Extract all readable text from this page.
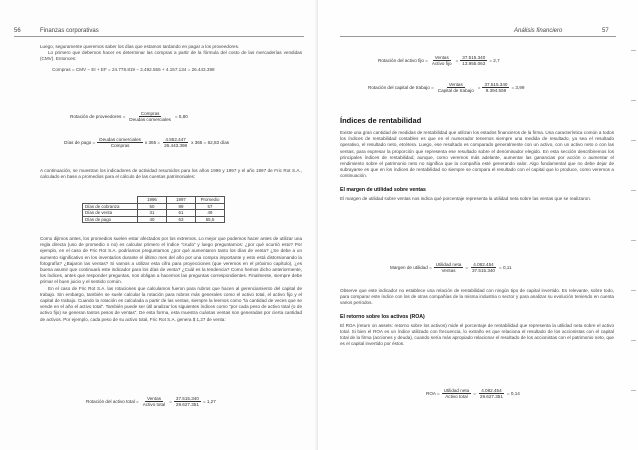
56	Finanzas corporativas

Luego, seguramente queremos saber los días que estamos tardando en pagar a los proveedores.

Lo primero que debemos hacer es determinar las compras a partir de la fórmula del costo de las mercaderías vendidas (CMV). Entonces:

Compras = CMV − EI + EF = 24.778.819 − 2.492.555 + 4.157.134 = 26.443.398
Rotación de proveedores = $\frac{\text{Compras}}{\text{Deudas comerciales}} = 5,80$
Días de pago = $\frac{\text{Deudas comerciales}}{\text{Compras}}$ x $365 = \frac{4.552.447}{26.443.398}$ x 365 = 62,83 días

A continuación, se muestran los indicadores de actividad resumidos para los años 1996 y 1997 y el año 1997 de Fric Rot S.A., calculado en base a promedios para el cálculo de las cuentas patrimoniales:

	1996	1997	Promedio
Días de cobranza	50	89	57
Días de venta	31	61	49
Días de pago	40	63	55,5

Como dijimos antes, los promedios suelen estar afectados por los extremos. Lo mejor que podemos hacer antes de utilizar una regla directa (uso de promedio o no) es calcular primero el índice “crudo” y luego preguntarnos: ¿por qué ocurrió esto? Por ejemplo, en el caso de Fric Rot S.A. podríamos preguntarnos ¿por qué aumentaron tanto los días de venta? ¿Se debe a un aumento significativo en los inventarios durante el último mes del año por una compra importante y esto está distorsionando la fotografía? ¿Bajaron las ventas? Si vamos a utilizar esta cifra para proyecciones (que veremos en el próximo capítulo), ¿es buena asumir que continuará este indicador para los días de venta? ¿Cuál es la tendencia? Como hemos dicho anteriormente, los índices, antes que responder preguntas, nos obligan a hacernos las preguntas correspondientes. Finalmente, siempre debe primar el buen juicio y el sentido común.

En el caso de Fric Rot S.A. las rotaciones que calculamos fueron para rubros que hacen al gerenciamiento del capital de trabajo. Sin embargo, también se suele calcular la rotación para rubros más generales como el activo total, el activo fijo y el capital de trabajo. Cuando la rotación es calculada a partir de las ventas, siempre la leemos como “la cantidad de veces que se vende en el año el activo total”. También puede ser útil analizar los siguientes índices como “por cada peso de activo total (o de activo fijo) se generan tantos pesos de ventas”. De esta forma, esta muestra cuántas ventas son generadas por cierta cantidad de activos. Por ejemplo, cada peso de su activo total, Fric Rot S.A. genera $ 1,27 de venta:

Rotación del activo total = $\frac{\text{Ventas}}{\text{Activo total}} = \frac{37.515.340}{29.627.351} = 1,27$
Análisis financiero	57
Rotación del activo fijo = $\frac{\text{Ventas}}{\text{Activo fijo}} = \frac{37.515.340}{13.955.063} = 2,7$
Rotación del capital de trabajo = $\frac{\text{Ventas}}{\text{Capital de trabajo}} = \frac{37.515.340}{9.394.559} = 3,99$
Índices de rentabilidad

Existe una gran cantidad de medidas de rentabilidad que utilizan los estados financieros de la firma. Una característica común a todos los índices de rentabilidad contables es que en el numerador tenemos siempre una medida de resultado, ya sea el resultado operativo, el resultado neto, etcétera. Luego, ese resultado es comparado generalmente con un activo, con un activo neto o con las ventas, para expresar la proporción que representa ese resultado sobre el denominador elegido. En esta sección describiremos los principales índices de rentabilidad, aunque, como veremos más adelante, aumentar las ganancias por acción o aumentar el rendimiento sobre el patrimonio neto no significa que la compañía esté generando valor. Algo fundamental que no debe dejar de subrayarse es que en los índices de rentabilidad no siempre se compara el resultado con el capital que lo produce, como veremos a continuación.

El margen de utilidad sobre ventas

El margen de utilidad sobre ventas nos indica qué porcentaje representa la utilidad neta sobre las ventas que se realizaron.

Margen de utilidad = $\frac{\text{Utilidad neta}}{\text{Ventas}} = \frac{4.082.454}{37.515.340} = 0,11$

Observe que este indicador no establece una relación de rentabilidad con ningún tipo de capital invertido. Es relevante, sobre todo, para comparar este índice con los de otras compañías de la misma industria o sector y para analizar su evolución teniendo en cuenta varios períodos.

El retorno sobre los activos (ROA)

El ROA (return on assets: retorno sobre los activos) mide el porcentaje de rentabilidad que representa la utilidad neta sobre el activo total. Si bien el ROA es un índice utilizado con frecuencia, lo extraño es que relaciona el resultado de los accionistas con el capital total de la firma (acciones y deuda), cuando sería más apropiado relacionar el resultado de los accionistas con el patrimonio neto, que es el capital invertido por éstos.

ROA = $\frac{\text{Utilidad neta}}{\text{Activo total}} = \frac{4.082.454}{29.627.351} = 0,14$
